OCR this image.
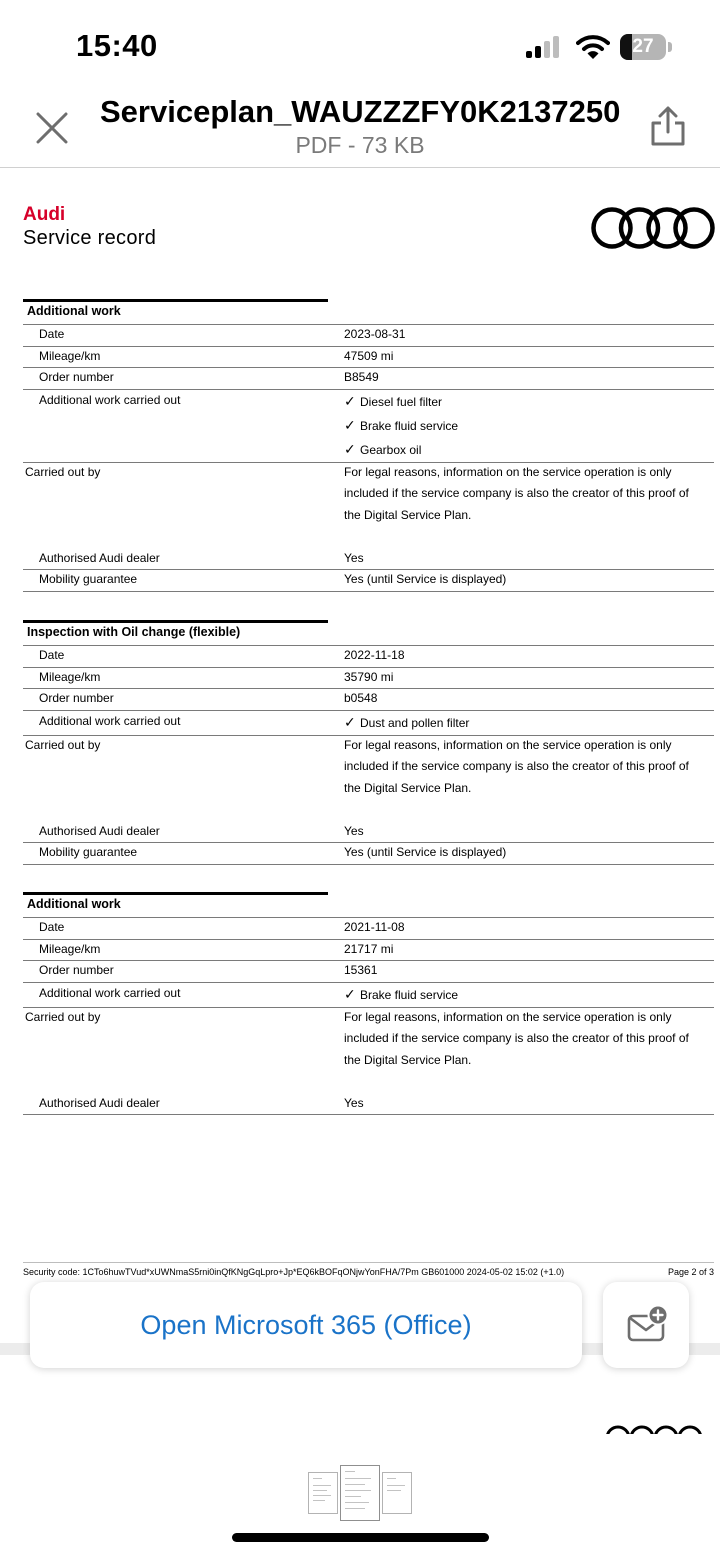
15:40	27
Serviceplan_WAUZZZFY0K2137250
PDF - 73 KB
Audi
Service record
Additional work
Date	2023-08-31
Mileage/km	47509 mi
Order number	B8549
Additional work carried out	✓ Diesel fuel filter
✓ Brake fluid service
✓ Gearbox oil
Carried out by	For legal reasons, information on the service operation is only
included if the service company is also the creator of this proof of
the Digital Service Plan.
Authorised Audi dealer	Yes
Mobility guarantee	Yes (until Service is displayed)
Inspection with Oil change (flexible)
Date	2022-11-18
Mileage/km	35790 mi
Order number	b0548
Additional work carried out	✓ Dust and pollen filter
Carried out by	For legal reasons, information on the service operation is only
included if the service company is also the creator of this proof of
the Digital Service Plan.
Authorised Audi dealer	Yes
Mobility guarantee	Yes (until Service is displayed)
Additional work
Date	2021-11-08
Mileage/km	21717 mi
Order number	15361
Additional work carried out	✓ Brake fluid service
Carried out by	For legal reasons, information on the service operation is only
included if the service company is also the creator of this proof of
the Digital Service Plan.
Authorised Audi dealer	Yes
Security code: 1CTo6huwTVud*xUWNmaS5rni0inQfKNgGqLpro+Jp*EQ6kBOFqONjwYonFHA/7Pm GB601000 2024-05-02 15:02 (+1.0)	Page 2 of 3
Open Microsoft 365 (Office)
